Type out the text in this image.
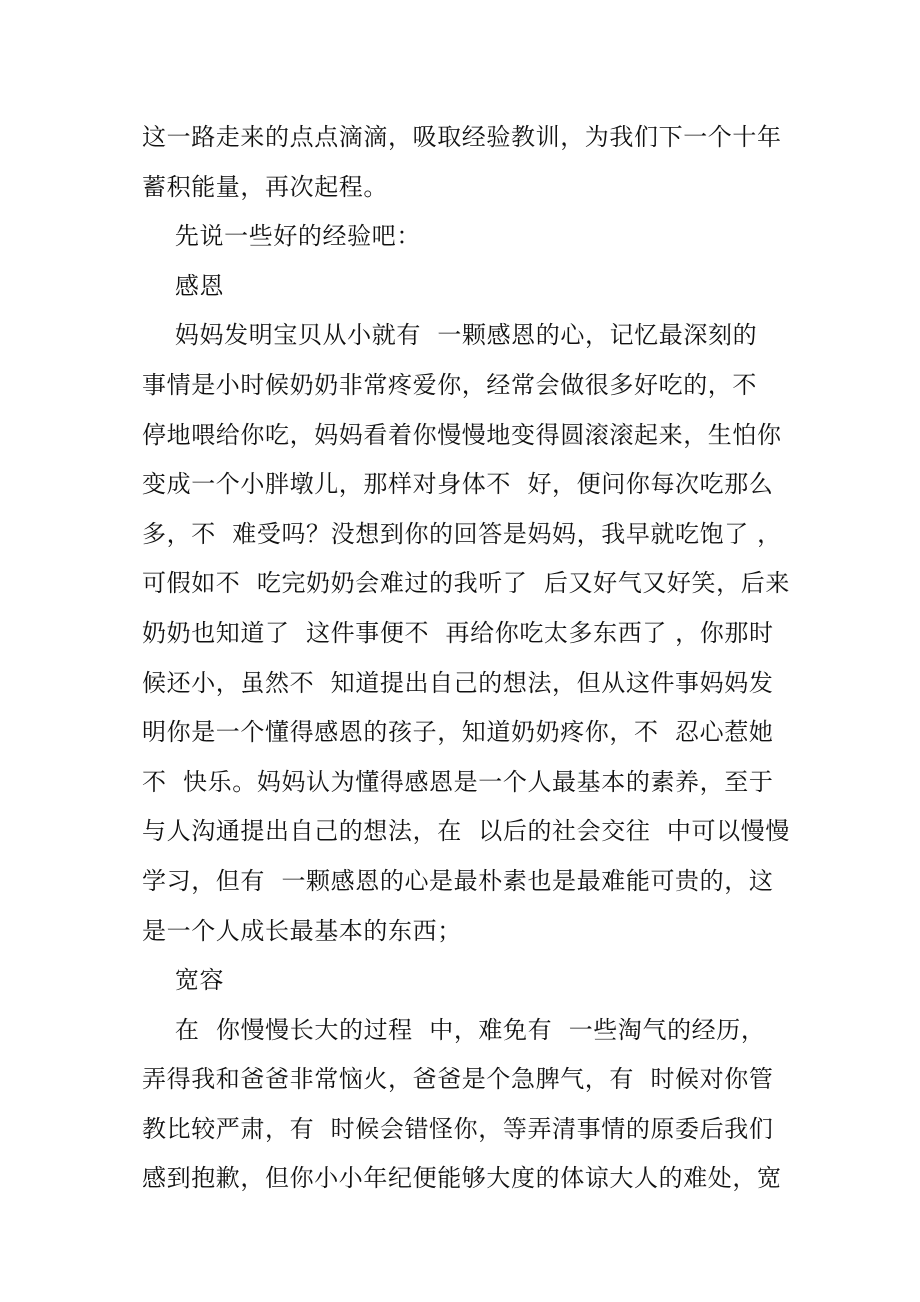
这一路走来的点点滴滴，吸取经验教训，为我们下一个十年
蓄积能量，再次起程。
先说一些好的经验吧：
感恩
妈妈发明宝贝从小就有  一颗感恩的心，记忆最深刻的
事情是小时候奶奶非常疼爱你，经常会做很多好吃的，不
停地喂给你吃，妈妈看着你慢慢地变得圆滚滚起来，生怕你
变成一个小胖墩儿，那样对身体不  好，便问你每次吃那么
多，不  难受吗？没想到你的回答是妈妈，我早就吃饱了 ，
可假如不  吃完奶奶会难过的我听了  后又好气又好笑，后来
奶奶也知道了  这件事便不  再给你吃太多东西了 ，你那时
候还小，虽然不  知道提出自己的想法，但从这件事妈妈发
明你是一个懂得感恩的孩子，知道奶奶疼你，不  忍心惹她
不  快乐。妈妈认为懂得感恩是一个人最基本的素养，至于
与人沟通提出自己的想法，在  以后的社会交往  中可以慢慢
学习，但有  一颗感恩的心是最朴素也是最难能可贵的，这
是一个人成长最基本的东西；
宽容
在  你慢慢长大的过程  中，难免有  一些淘气的经历，
弄得我和爸爸非常恼火，爸爸是个急脾气，有  时候对你管
教比较严肃，有  时候会错怪你，等弄清事情的原委后我们
感到抱歉，但你小小年纪便能够大度的体谅大人的难处，宽
